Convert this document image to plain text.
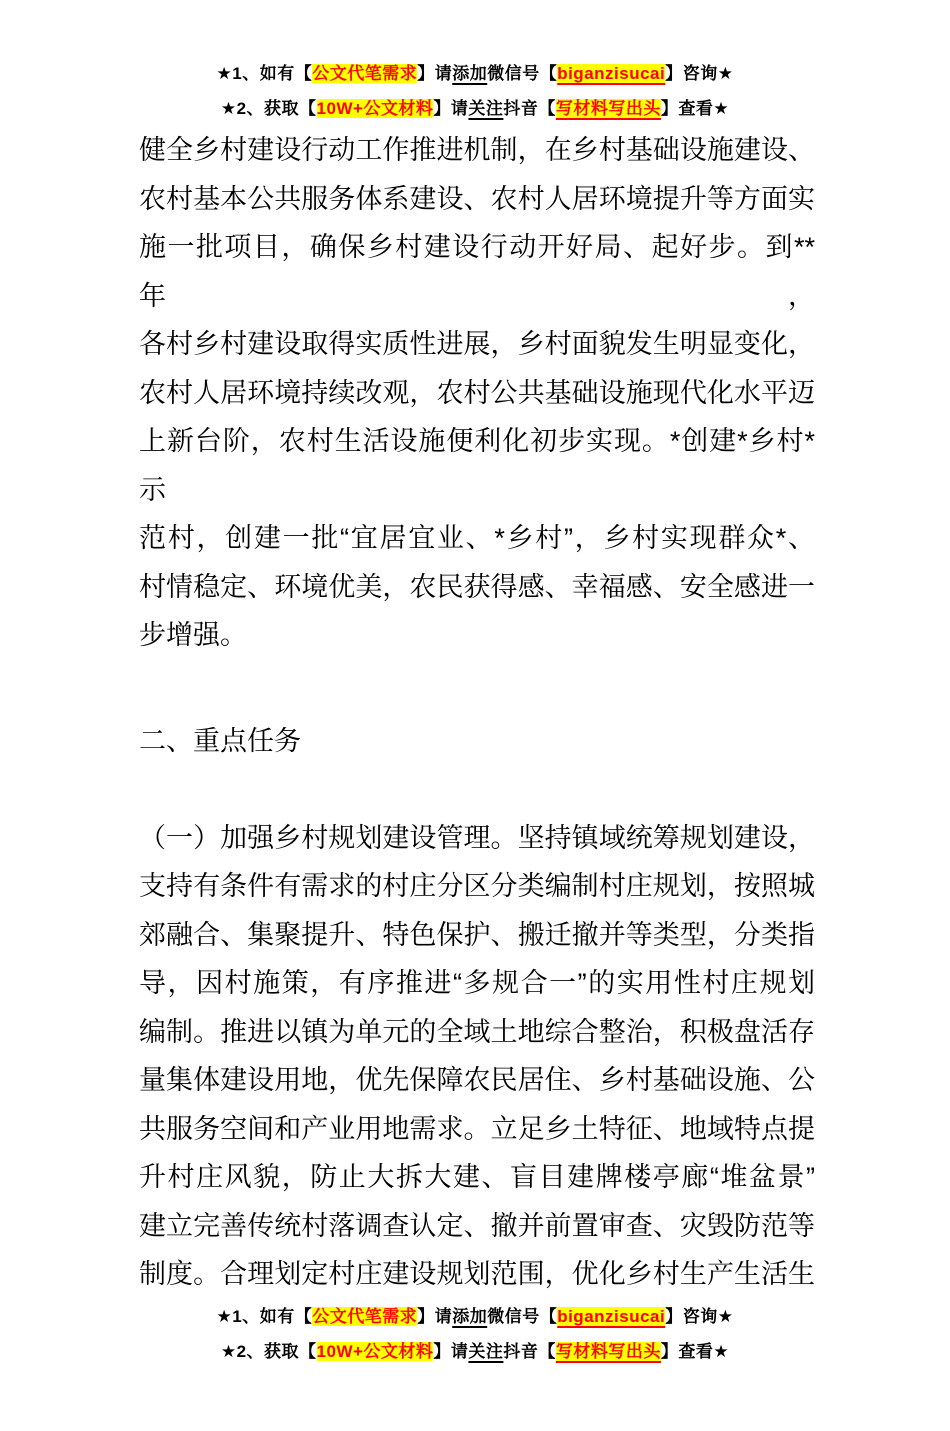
★1、如有【公文代笔需求】请添加微信号【biganzisucai】咨询★
★2、获取【10W+公文材料】请关注抖音【写材料写出头】查看★
健全乡村建设行动工作推进机制，在乡村基础设施建设、
农村基本公共服务体系建设、农村人居环境提升等方面实
施一批项目，确保乡村建设行动开好局、起好步。到**年，
各村乡村建设取得实质性进展，乡村面貌发生明显变化，
农村人居环境持续改观，农村公共基础设施现代化水平迈
上新台阶，农村生活设施便利化初步实现。*创建*乡村*示
范村，创建一批“宜居宜业、*乡村”，乡村实现群众*、
村情稳定、环境优美，农民获得感、幸福感、安全感进一
步增强。
二、重点任务
（一）加强乡村规划建设管理。坚持镇域统筹规划建设，
支持有条件有需求的村庄分区分类编制村庄规划，按照城
郊融合、集聚提升、特色保护、搬迁撤并等类型，分类指
导，因村施策，有序推进“多规合一”的实用性村庄规划
编制。推进以镇为单元的全域土地综合整治，积极盘活存
量集体建设用地，优先保障农民居住、乡村基础设施、公
共服务空间和产业用地需求。立足乡土特征、地域特点提
升村庄风貌，防止大拆大建、盲目建牌楼亭廊“堆盆景”
建立完善传统村落调查认定、撤并前置审查、灾毁防范等
制度。合理划定村庄建设规划范围，优化乡村生产生活生
★1、如有【公文代笔需求】请添加微信号【biganzisucai】咨询★
★2、获取【10W+公文材料】请关注抖音【写材料写出头】查看★
